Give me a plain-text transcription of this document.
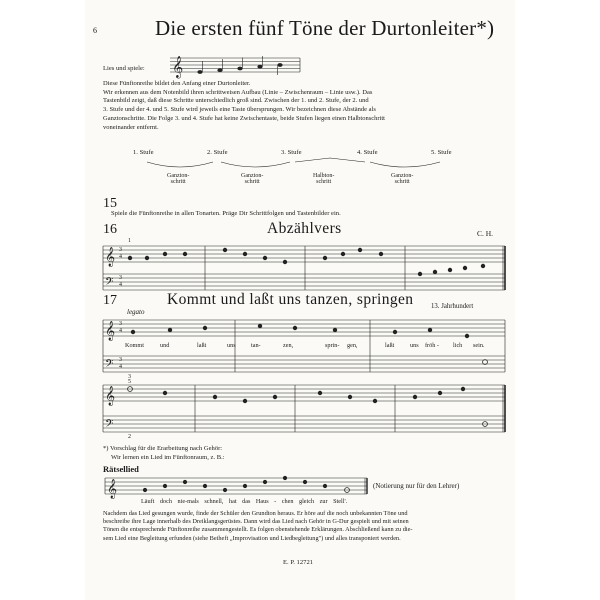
6	Die ersten fünf Töne der Durtonleiter*)
Lies und spiele: 𝄞
𝄞
𝄢
𝄞
𝄢
𝄞
𝄢
𝄞
Diese Fünftonreihe bildet den Anfang einer Durtonleiter.
Wir erkennen aus dem Notenbild ihren schrittweisen Aufbau (Linie – Zwischenraum – Linie usw.). Das
Tastenbild zeigt, daß diese Schritte unterschiedlich groß sind. Zwischen der 1. und 2. Stufe, der 2. und
3. Stufe und der 4. und 5. Stufe wird jeweils eine Taste übersprungen. Wir bezeichnen diese Abstände als
Ganztonschritte. Die Folge 3. und 4. Stufe hat keine Zwischentaste, beide Stufen liegen einen Halbtonschritt
voneinander entfernt.
1. Stufe	2. Stufe	3. Stufe	4. Stufe	5. Stufe
Ganzton-
schritt
Ganzton-
schritt
Halbton-
schritt
Ganzton-
schritt
15
Spiele die Fünftonreihe in allen Tonarten. Präge Dir Schrittfolgen und Tastenbilder ein.
16	Abzählvers	C. H.
3
4
3
4
1
17	Kommt und laßt uns tanzen, springen	13. Jahrhundert
legato
3
4
3
4
3
Kommt	und	laßt	uns tan-	zen,	sprin- gen,	laßt	uns fröh - lich sein.
5
2
*) Vorschlag für die Erarbeitung nach Gehör:
Wir lernen ein Lied im Fünftonraum, z. B.:
Rätsellied
(Notierung nur für den Lehrer)
Läuft doch nie-mals schnell, hat das Haus - chen gleich zur Stell'.
Nachdem das Lied gesungen wurde, finde der Schüler den Grundton heraus. Er höre auf die noch unbekannten Töne und
beschreibe ihre Lage innerhalb des Dreiklangsgerüstes. Dann wird das Lied nach Gehör in G-Dur gespielt und mit seinen
Tönen die entsprechende Fünftonreihe zusammengestellt. Es folgen obenstehende Erklärungen. Abschließend kann zu die-
sem Lied eine Begleitung erfunden (siehe Beiheft „Improvisation und Liedbegleitung") und alles transponiert werden.
E. P. 12721
